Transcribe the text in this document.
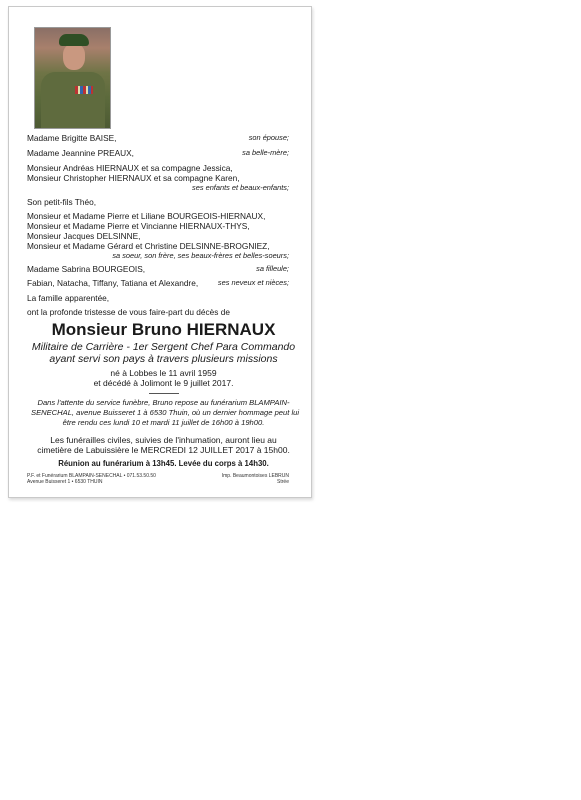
Madame Brigitte BAISE,	son épouse;
Madame Jeannine PREAUX,	sa belle-mère;
Monsieur Andréas HIERNAUX et sa compagne Jessica,
Monsieur Christopher HIERNAUX et sa compagne Karen,
ses enfants et beaux-enfants;
Son petit-fils Théo,
Monsieur et Madame Pierre et Liliane BOURGEOIS-HIERNAUX,
Monsieur et Madame Pierre et Vincianne HIERNAUX-THYS,
Monsieur Jacques DELSINNE,
Monsieur et Madame Gérard et Christine DELSINNE-BROGNIEZ,
sa soeur, son frère, ses beaux-frères et belles-soeurs;
Madame Sabrina BOURGEOIS,	sa filleule;
Fabian, Natacha, Tiffany, Tatiana et Alexandre,	ses neveux et nièces;
La famille apparentée,
ont la profonde tristesse de vous faire-part du décès de
Monsieur Bruno HIERNAUX
Militaire de Carrière - 1er Sergent Chef Para Commando
ayant servi son pays à travers plusieurs missions
né à Lobbes le 11 avril 1959
et décédé à Jolimont le 9 juillet 2017.
Dans l'attente du service funèbre, Bruno repose au funérarium BLAMPAIN-
SENECHAL, avenue Buisseret 1 à 6530 Thuin, où un dernier hommage peut lui
être rendu ces lundi 10 et mardi 11 juillet de 16h00 à 19h00.
Les funérailles civiles, suivies de l'inhumation, auront lieu au
cimetière de Labuissière le MERCREDI 12 JUILLET 2017 à 15h00.
Réunion au funérarium à 13h45. Levée du corps à 14h30.
P.F. et Funérarium BLAMPAIN-SENECHAL • 071.53.50.50
Avenue Buisseret 1 • 6530 THUIN
Imp. Beaumontoises LEBRUN
Strée
